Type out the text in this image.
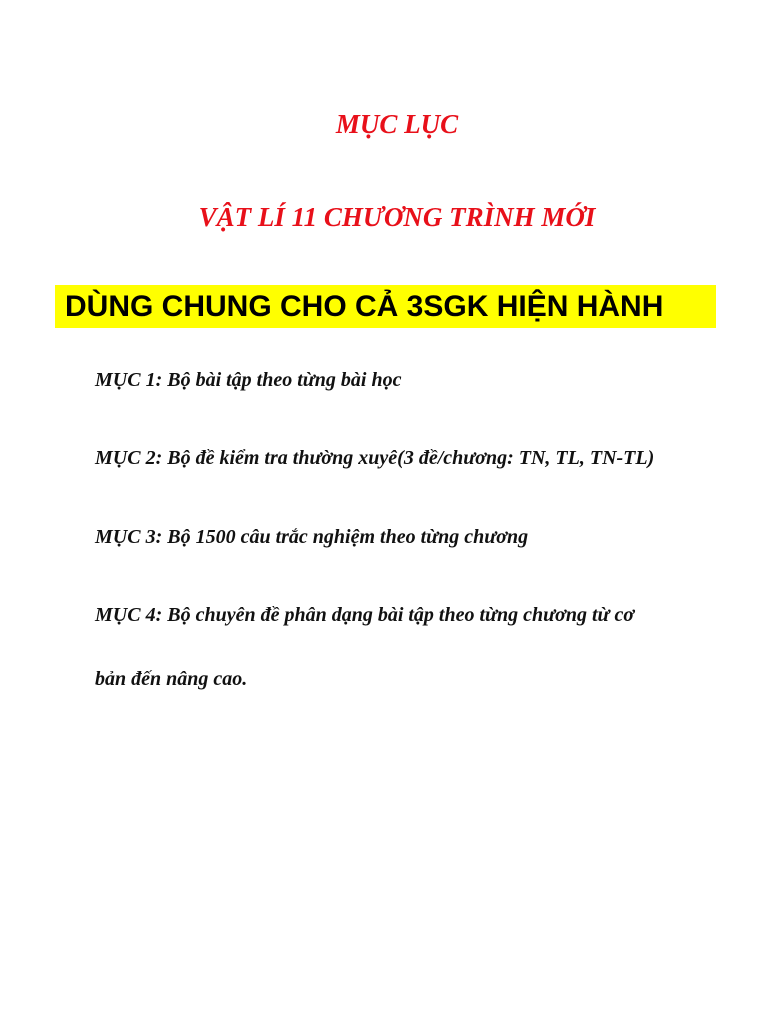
MỤC LỤC
VẬT LÍ 11 CHƯƠNG TRÌNH MỚI
DÙNG CHUNG CHO CẢ 3SGK HIỆN HÀNH
MỤC 1: Bộ bài tập theo từng bài học
MỤC 2: Bộ đề kiểm tra thường xuyê(3 đề/chương: TN, TL, TN-TL)
MỤC 3: Bộ 1500 câu trắc nghiệm theo từng chương
MỤC 4: Bộ chuyên đề phân dạng bài tập theo từng chương từ cơ
bản đến nâng cao.
